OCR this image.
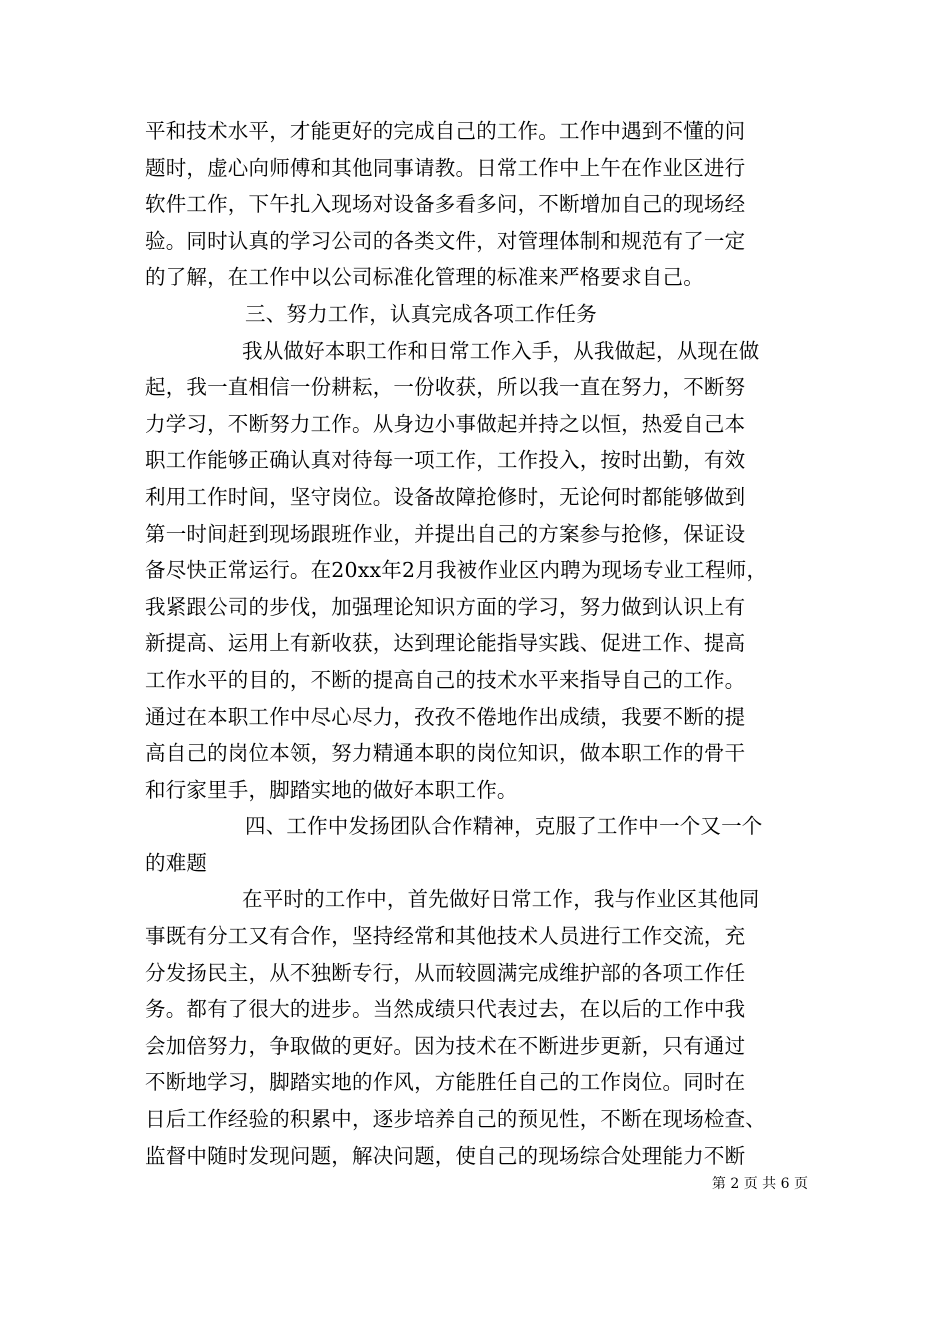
平和技术水平，才能更好的完成自己的工作。工作中遇到不懂的问
题时，虚心向师傅和其他同事请教。日常工作中上午在作业区进行
软件工作，下午扎入现场对设备多看多问，不断增加自己的现场经
验。同时认真的学习公司的各类文件，对管理体制和规范有了一定
的了解，在工作中以公司标准化管理的标准来严格要求自己。
三、努力工作，认真完成各项工作任务
我从做好本职工作和日常工作入手，从我做起，从现在做
起，我一直相信一份耕耘，一份收获，所以我一直在努力，不断努
力学习，不断努力工作。从身边小事做起并持之以恒，热爱自己本
职工作能够正确认真对待每一项工作，工作投入，按时出勤，有效
利用工作时间，坚守岗位。设备故障抢修时，无论何时都能够做到
第一时间赶到现场跟班作业，并提出自己的方案参与抢修，保证设
备尽快正常运行。在20xx年2月我被作业区内聘为现场专业工程师，
我紧跟公司的步伐，加强理论知识方面的学习，努力做到认识上有
新提高、运用上有新收获，达到理论能指导实践、促进工作、提高
工作水平的目的，不断的提高自己的技术水平来指导自己的工作。
通过在本职工作中尽心尽力，孜孜不倦地作出成绩，我要不断的提
高自己的岗位本领，努力精通本职的岗位知识，做本职工作的骨干
和行家里手，脚踏实地的做好本职工作。
四、工作中发扬团队合作精神，克服了工作中一个又一个
的难题
在平时的工作中，首先做好日常工作，我与作业区其他同
事既有分工又有合作，坚持经常和其他技术人员进行工作交流，充
分发扬民主，从不独断专行，从而较圆满完成维护部的各项工作任
务。都有了很大的进步。当然成绩只代表过去，在以后的工作中我
会加倍努力，争取做的更好。因为技术在不断进步更新，只有通过
不断地学习，脚踏实地的作风，方能胜任自己的工作岗位。同时在
日后工作经验的积累中，逐步培养自己的预见性，不断在现场检查、
监督中随时发现问题，解决问题，使自己的现场综合处理能力不断
第 2 页 共 6 页
